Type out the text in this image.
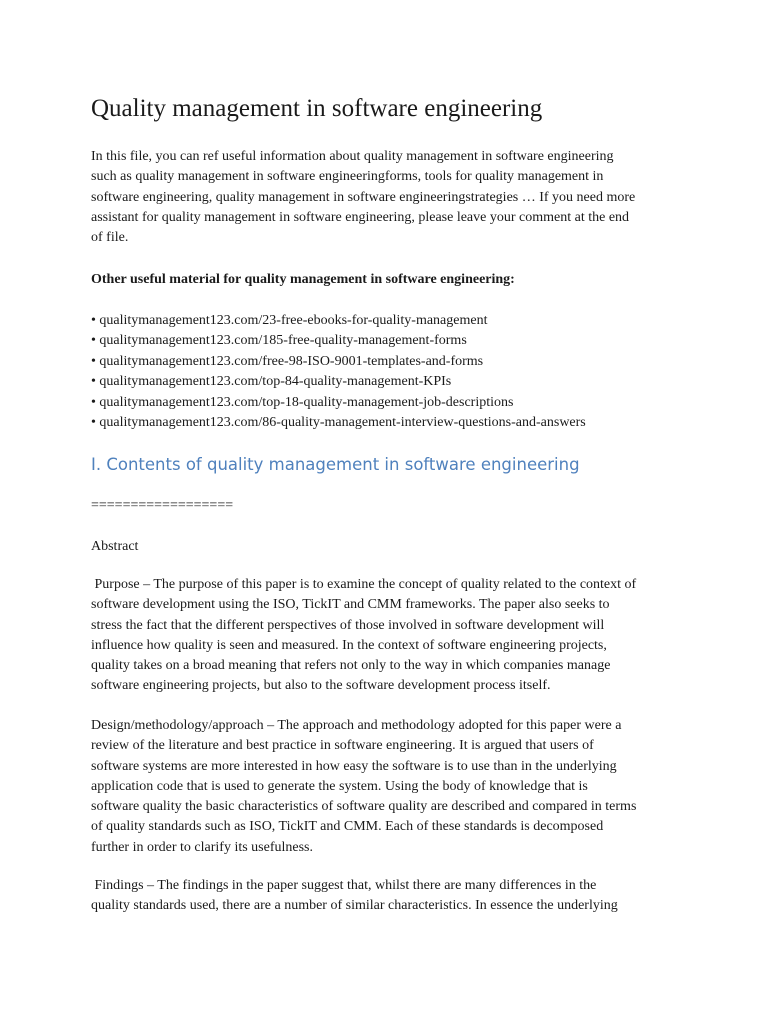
Quality management in software engineering

In this file, you can ref useful information about quality management in software engineering
such as quality management in software engineeringforms, tools for quality management in
software engineering, quality management in software engineeringstrategies … If you need more
assistant for quality management in software engineering, please leave your comment at the end
of file.

Other useful material for quality management in software engineering:

• qualitymanagement123.com/23-free-ebooks-for-quality-management
• qualitymanagement123.com/185-free-quality-management-forms
• qualitymanagement123.com/free-98-ISO-9001-templates-and-forms
• qualitymanagement123.com/top-84-quality-management-KPIs
• qualitymanagement123.com/top-18-quality-management-job-descriptions
• qualitymanagement123.com/86-quality-management-interview-questions-and-answers
I. Contents of quality management in software engineering

==================

Abstract

Purpose – The purpose of this paper is to examine the concept of quality related to the context of
software development using the ISO, TickIT and CMM frameworks. The paper also seeks to
stress the fact that the different perspectives of those involved in software development will
influence how quality is seen and measured. In the context of software engineering projects,
quality takes on a broad meaning that refers not only to the way in which companies manage
software engineering projects, but also to the software development process itself.

Design/methodology/approach – The approach and methodology adopted for this paper were a
review of the literature and best practice in software engineering. It is argued that users of
software systems are more interested in how easy the software is to use than in the underlying
application code that is used to generate the system. Using the body of knowledge that is
software quality the basic characteristics of software quality are described and compared in terms
of quality standards such as ISO, TickIT and CMM. Each of these standards is decomposed
further in order to clarify its usefulness.

Findings – The findings in the paper suggest that, whilst there are many differences in the
quality standards used, there are a number of similar characteristics. In essence the underlying
